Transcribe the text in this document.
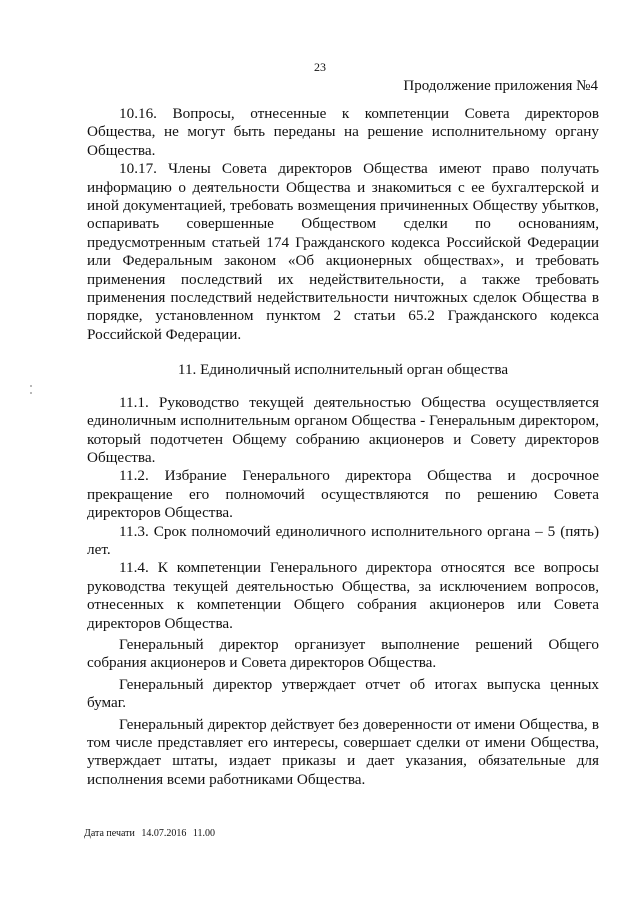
23
Продолжение приложения №4

10.16. Вопросы, отнесенные к компетенции Совета директоров Общества, не могут быть переданы на решение исполнительному органу Общества.

10.17. Члены Совета директоров Общества имеют право получать информацию о деятельности Общества и знакомиться с ее бухгалтерской и иной документацией, требовать возмещения причиненных Обществу убытков, оспаривать совершенные Обществом сделки по основаниям, предусмотренным статьей 174 Гражданского кодекса Российской Федерации или Федеральным законом «Об акционерных обществах», и требовать применения последствий их недействительности, а также требовать применения последствий недействительности ничтожных сделок Общества в порядке, установленном пунктом 2 статьи 65.2 Гражданского кодекса Российской Федерации.

11. Единоличный исполнительный орган общества

11.1. Руководство текущей деятельностью Общества осуществляется единоличным исполнительным органом Общества - Генеральным директором, который подотчетен Общему собранию акционеров и Совету директоров Общества.

11.2. Избрание Генерального директора Общества и досрочное прекращение его полномочий осуществляются по решению Совета директоров Общества.

11.3. Срок полномочий единоличного исполнительного органа – 5 (пять) лет.

11.4. К компетенции Генерального директора относятся все вопросы руководства текущей деятельностью Общества, за исключением вопросов, отнесенных к компетенции Общего собрания акционеров или Совета директоров Общества.

Генеральный директор организует выполнение решений Общего собрания акционеров и Совета директоров Общества.

Генеральный директор утверждает отчет об итогах выпуска ценных бумаг.

Генеральный директор действует без доверенности от имени Общества, в том числе представляет его интересы, совершает сделки от имени Общества, утверждает штаты, издает приказы и дает указания, обязательные для исполнения всеми работниками Общества.

Дата печати 14.07.2016 11.00
